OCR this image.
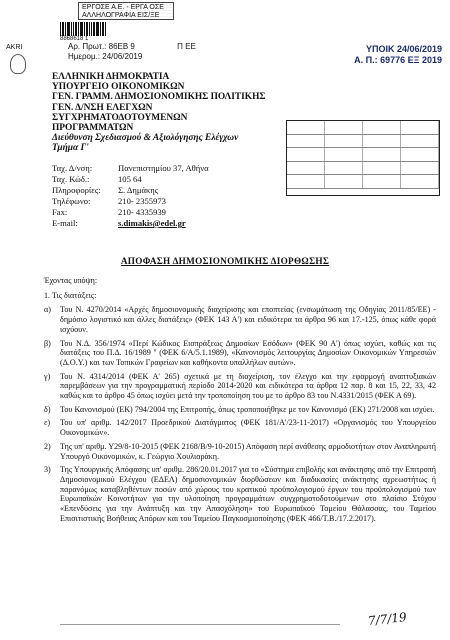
ΕΡΓΟΣΕ Α.Ε. - ΕΡΓΑ ΟΣΕ
ΑΛΛΗΛΟΓΡΑΦΙΑ ΕΙΣ/ΞΕ
8868618 1
AKRI	Αρ. Πρωτ.: 86ΕΒ 9	Π ΕΕ
Ημερομ.: 24/06/2019
ΥΠΟΙΚ 24/06/2019
Α. Π.: 69776 ΕΞ 2019
ΕΛΛΗΝΙΚΗ ΔΗΜΟΚΡΑΤΙΑ
ΥΠΟΥΡΓΕΙΟ ΟΙΚΟΝΟΜΙΚΩΝ
ΓΕΝ. ΓΡΑΜΜ. ΔΗΜΟΣΙΟΝΟΜΙΚΗΣ ΠΟΛΙΤΙΚΗΣ
ΓΕΝ. Δ/ΝΣΗ ΕΛΕΓΧΩΝ
ΣΥΓΧΡΗΜΑΤΟΔΟΤΟΥΜΕΝΩΝ
ΠΡΟΓΡΑΜΜΑΤΩΝ
Διεύθυνση Σχεδιασμού & Αξιολόγησης Ελέγχων
Τμήμα Γ'
Ταχ. Δ/νση:	Πανεπιστημίου 37, Αθήνα
Ταχ. Κώδ.:	105 64
Πληροφορίες: Σ. Δημάκης
Τηλέφωνο:	210- 2355973
Fax:	210- 4335939
E-mail:	s.dimakis@edel.gr
ΑΠΟΦΑΣΗ ΔΗΜΟΣΙΟΝΟΜΙΚΗΣ ΔΙΟΡΘΩΣΗΣ

Έχοντας υπόψη:

1. Τις διατάξεις:

α)	Του Ν. 4270/2014 «Αρχές δημοσιονομικής διαχείρισης και εποπτείας (ενσωμάτωση της Οδηγίας 2011/85/ΕΕ) - δημόσιο λογιστικό και άλλες διατάξεις» (ΦΕΚ 143 Α') και ειδικότερα τα άρθρα 96 και 17.-125, όπως κάθε φορά ισχύουν.
β)	Του Ν.Δ. 356/1974 «Περί Κώδικος Εισπράξεως Δημοσίων Εσόδων» (ΦΕΚ 90 Α') όπως ισχύει, καθώς και τις διατάξεις του Π.Δ. 16/1989 " (ΦΕΚ 6/Α/5.1.1989), «Κανονισμός λειτουργίας Δημοσίων Οικονομικών Υπηρεσιών (Δ.Ο.Υ.) και των Τοπικών Γραφείων και καθήκοντα υπαλλήλων αυτών».
γ)	Του Ν. 4314/2014 (ΦΕΚ Α' 265) σχετικά με τη διαχείριση, τον έλεγχο και την εφαρμογή αναπτυξιακών παρεμβάσεων για την προγραμματική περίοδο 2014-2020 και ειδικότερα τα άρθρα 12 παρ. 8 και 15, 22, 33, 42 καθώς και το άρθρο 45 όπως ισχύει μετά την τροποποίηση του με το άρθρο 83 του Ν.4331/2015 (ΦΕΚ Α 69).
δ)	Του Κανονισμού (ΕΚ) 794/2004 της Επιτροπής, όπως τροποποιήθηκε με τον Κανονισμό (ΕΚ) 271/2008 και ισχύει.
ε)	Του υπ' αριθμ. 142/2017 Προεδρικού Διατάγματος (ΦΕΚ 181/Α'/23-11-2017) «Οργανισμός του Υπουργείου Οικονομικών».
2)	Της υπ' αριθμ. Υ29/8-10-2015 (ΦΕΚ 2168/Β/9-10-2015) Απόφαση περί ανάθεσης αρμοδιοτήτων στον Αναπληρωτή Υπουργό Οικονομικών, κ. Γεώργιο Χουλιαράκη.
3)	Της Υπουργικής Απόφασης υπ' αριθμ. 286/20.01.2017 για το «Σύστημα επιβολής και ανάκτησης από την Επιτροπή Δημοσιονομικού Ελέγχου (ΕΔΕΛ) δημοσιονομικών διορθώσεων και διαδικασίες ανάκτησης αχρεωστήτως ή παρανόμως καταβληθέντων ποσών από χώρους του κρατικού προϋπολογισμού έργων του προϋπολογισμού των Ευρωπαϊκών Κοινοτήτων για την υλοποίηση προγραμμάτων συγχρηματοδοτούμενων στο πλαίσιο Στόχου «Επενδύσεις για την Ανάπτυξη και την Απασχόληση» του Ευρωπαϊκού Ταμείου Θάλασσας, του Ταμείου Επισιτιστικής Βοήθειας Απόρων και του Ταμείου Παγκοσμιοποίησης (ΦΕΚ 466/Τ.Β./17.2.2017).
7/7/19
